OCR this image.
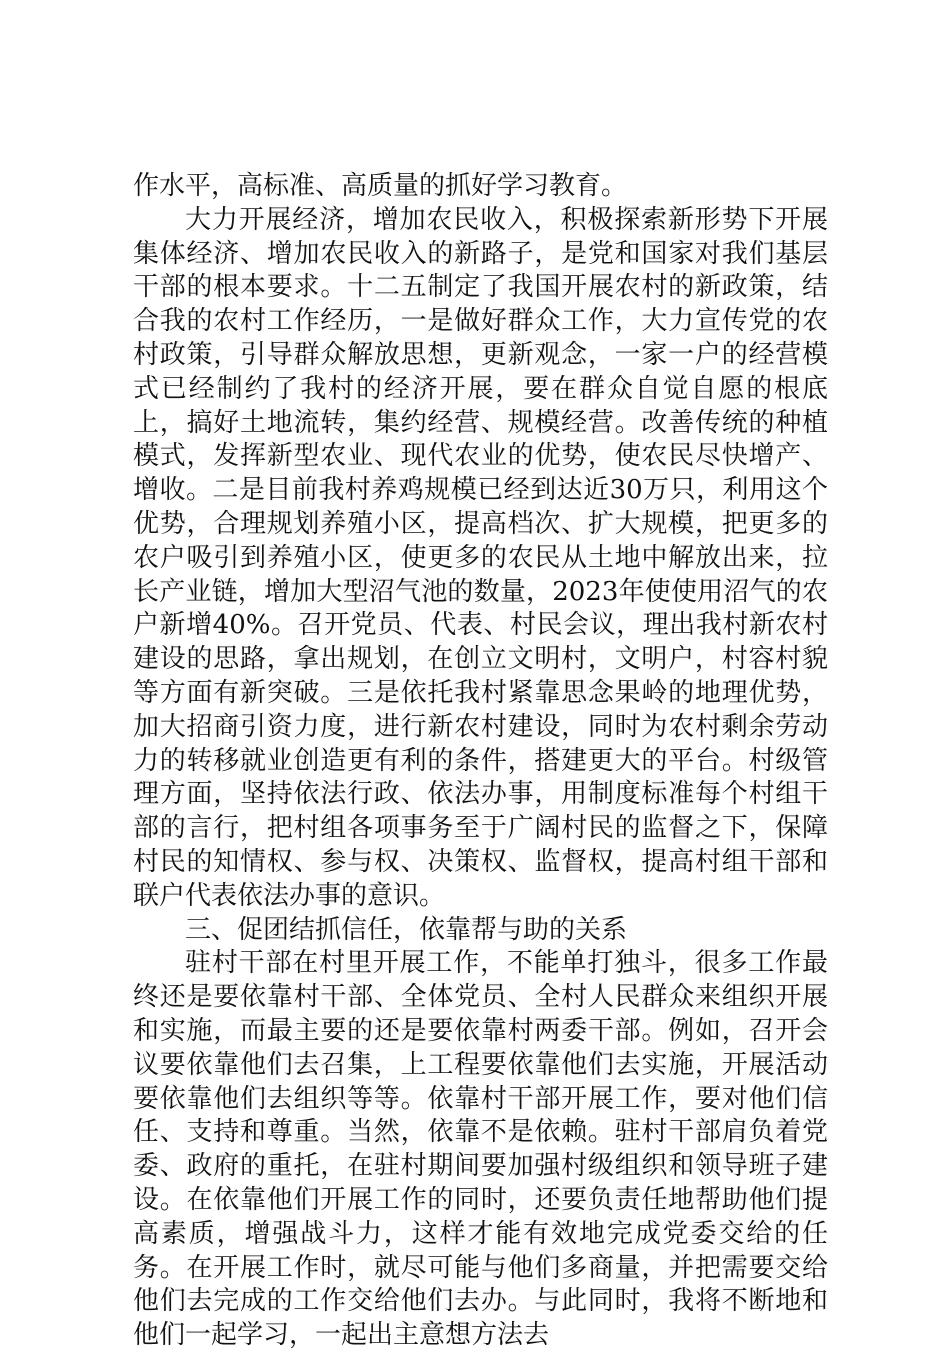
作水平，高标准、高质量的抓好学习教育。

大力开展经济，增加农民收入，积极探索新形势下开展集体经济、增加农民收入的新路子，是党和国家对我们基层干部的根本要求。十二五制定了我国开展农村的新政策，结合我的农村工作经历，一是做好群众工作，大力宣传党的农村政策，引导群众解放思想，更新观念，一家一户的经营模式已经制约了我村的经济开展，要在群众自觉自愿的根底上，搞好土地流转，集约经营、规模经营。改善传统的种植模式，发挥新型农业、现代农业的优势，使农民尽快增产、增收。二是目前我村养鸡规模已经到达近30万只，利用这个优势，合理规划养殖小区，提高档次、扩大规模，把更多的农户吸引到养殖小区，使更多的农民从土地中解放出来，拉长产业链，增加大型沼气池的数量，2023年使使用沼气的农户新增40%。召开党员、代表、村民会议，理出我村新农村建设的思路，拿出规划，在创立文明村，文明户，村容村貌等方面有新突破。三是依托我村紧靠思念果岭的地理优势，加大招商引资力度，进行新农村建设，同时为农村剩余劳动力的转移就业创造更有利的条件，搭建更大的平台。村级管理方面，坚持依法行政、依法办事，用制度标准每个村组干部的言行，把村组各项事务至于广阔村民的监督之下，保障村民的知情权、参与权、决策权、监督权，提高村组干部和联户代表依法办事的意识。

三、促团结抓信任，依靠帮与助的关系

驻村干部在村里开展工作，不能单打独斗，很多工作最终还是要依靠村干部、全体党员、全村人民群众来组织开展和实施，而最主要的还是要依靠村两委干部。例如，召开会议要依靠他们去召集，上工程要依靠他们去实施，开展活动要依靠他们去组织等等。依靠村干部开展工作，要对他们信任、支持和尊重。当然，依靠不是依赖。驻村干部肩负着党委、政府的重托，在驻村期间要加强村级组织和领导班子建设。在依靠他们开展工作的同时，还要负责任地帮助他们提高素质，增强战斗力，这样才能有效地完成党委交给的任务。在开展工作时，就尽可能与他们多商量，并把需要交给他们去完成的工作交给他们去办。与此同时，我将不断地和他们一起学习，一起出主意想方法去
